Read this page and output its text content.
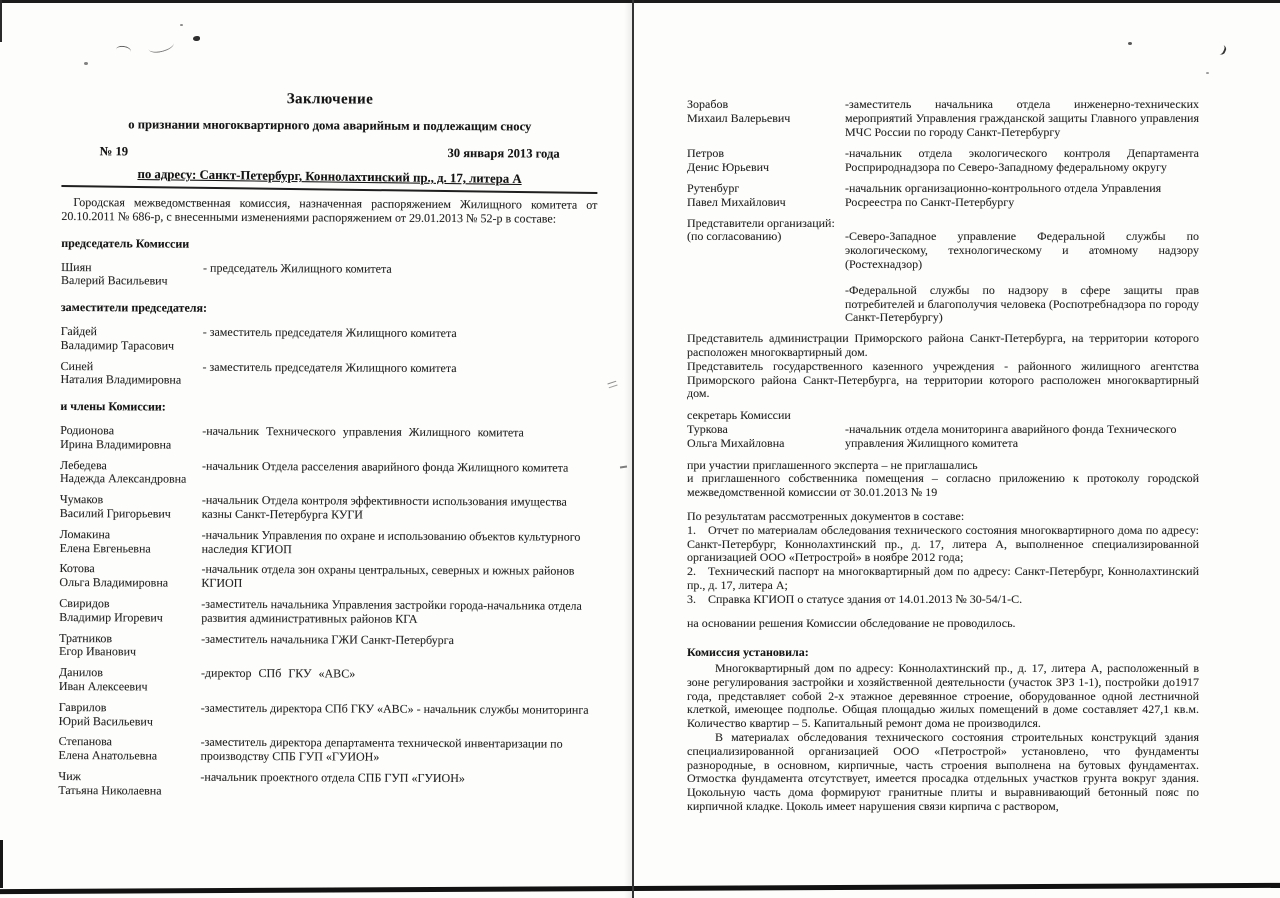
Заключение
о признании многоквартирного дома аварийным и подлежащим сносу
№ 19	30 января 2013 года
по адресу: Санкт-Петербург, Коннолахтинский пр., д. 17, литера А

Городская межведомственная комиссия, назначенная распоряжением Жилищного комитета от 20.10.2011 № 686-р, с внесенными изменениями распоряжением от 29.01.2013 № 52-р в составе:

председатель Комиссии
Шиян
Валерий Васильевич
- председатель Жилищного комитета
заместители председателя:
Гайдей
Валадимир Тарасович
- заместитель председателя Жилищного комитета
Синей
Наталия Владимировна
- заместитель председателя Жилищного комитета
и члены Комиссии:
Родионова
Ирина Владимировна
-начальник Технического управления Жилищного комитета
Лебедева
Надежда Александровна
-начальник Отдела расселения аварийного фонда Жилищного комитета
Чумаков
Василий Григорьевич
-начальник Отдела контроля эффективности использования имущества казны Санкт-Петербурга КУГИ
Ломакина
Елена Евгеньевна
-начальник Управления по охране и использованию объектов культурного наследия КГИОП
Котова
Ольга Владимировна
-начальник отдела зон охраны центральных, северных и южных районов КГИОП
Свиридов
Владимир Игоревич
-заместитель начальника Управления застройки города-начальника отдела развития административных районов КГА
Тратников
Егор Иванович
-заместитель начальника ГЖИ Санкт-Петербурга
Данилов
Иван Алексеевич
-директор СПб ГКУ «АВС»
Гаврилов
Юрий Васильевич
-заместитель директора СПб ГКУ «АВС» - начальник службы мониторинга
Степанова
Елена Анатольевна
-заместитель директора департамента технической инвентаризации по производству СПБ ГУП «ГУИОН»
Чиж
Татьяна Николаевна
-начальник проектного отдела СПБ ГУП «ГУИОН»
Зорабов
Михаил Валерьевич
-заместитель начальника отдела инженерно-технических мероприятий Управления гражданской защиты Главного управления МЧС России по городу Санкт-Петербургу
Петров
Денис Юрьевич
-начальник отдела экологического контроля Департамента Росприроднадзора по Северо-Западному федеральному округу
Рутенбург
Павел Михайлович
-начальник организационно-контрольного отдела Управления Росреестра по Санкт-Петербургу
Представители организаций:
(по согласованию)	-Северо-Западное управление Федеральной службы по экологическому, технологическому и атомному надзору (Ростехнадзор)
-Федеральной службы по надзору в сфере защиты прав потребителей и благополучия человека (Роспотребнадзора по городу Санкт-Петербургу)

Представитель администрации Приморского района Санкт-Петербурга, на территории которого расположен многоквартирный дом.

Представитель государственного казенного учреждения - районного жилищного агентства Приморского района Санкт-Петербурга, на территории которого расположен многоквартирный дом.

секретарь Комиссии
Туркова
Ольга Михайловна
-начальник отдела мониторинга аварийного фонда Технического управления Жилищного комитета
при участии приглашенного эксперта – не приглашались
и приглашенного собственника помещения – согласно приложению к протоколу городской межведомственной комиссии от 30.01.2013 № 19
По результатам рассмотренных документов в составе:
1. Отчет по материалам обследования технического состояния многоквартирного дома по адресу: Санкт-Петербург, Коннолахтинский пр., д. 17, литера А, выполненное специализированной организацией ООО «Петрострой» в ноябре 2012 года;
2. Технический паспорт на многоквартирный дом по адресу: Санкт-Петербург, Коннолахтинский пр., д. 17, литера А;
3. Справка КГИОП о статусе здания от 14.01.2013 № 30-54/1-С.
на основании решения Комиссии обследование не проводилось.
Комиссия установила:

Многоквартирный дом по адресу: Коннолахтинский пр., д. 17, литера А, расположенный в зоне регулирования застройки и хозяйственной деятельности (участок ЗРЗ 1-1), постройки до1917 года, представляет собой 2-х этажное деревянное строение, оборудованное одной лестничной клеткой, имеющее подполье. Общая площадью жилых помещений в доме составляет 427,1 кв.м. Количество квартир – 5. Капитальный ремонт дома не производился.

В материалах обследования технического состояния строительных конструкций здания специализированной организацией ООО «Петрострой» установлено, что фундаменты разнородные, в основном, кирпичные, часть строения выполнена на бутовых фундаментах. Отмостка фундамента отсутствует, имеется просадка отдельных участков грунта вокруг здания. Цокольную часть дома формируют гранитные плиты и выравнивающий бетонный пояс по кирпичной кладке. Цоколь имеет нарушения связи кирпича с раствором,
